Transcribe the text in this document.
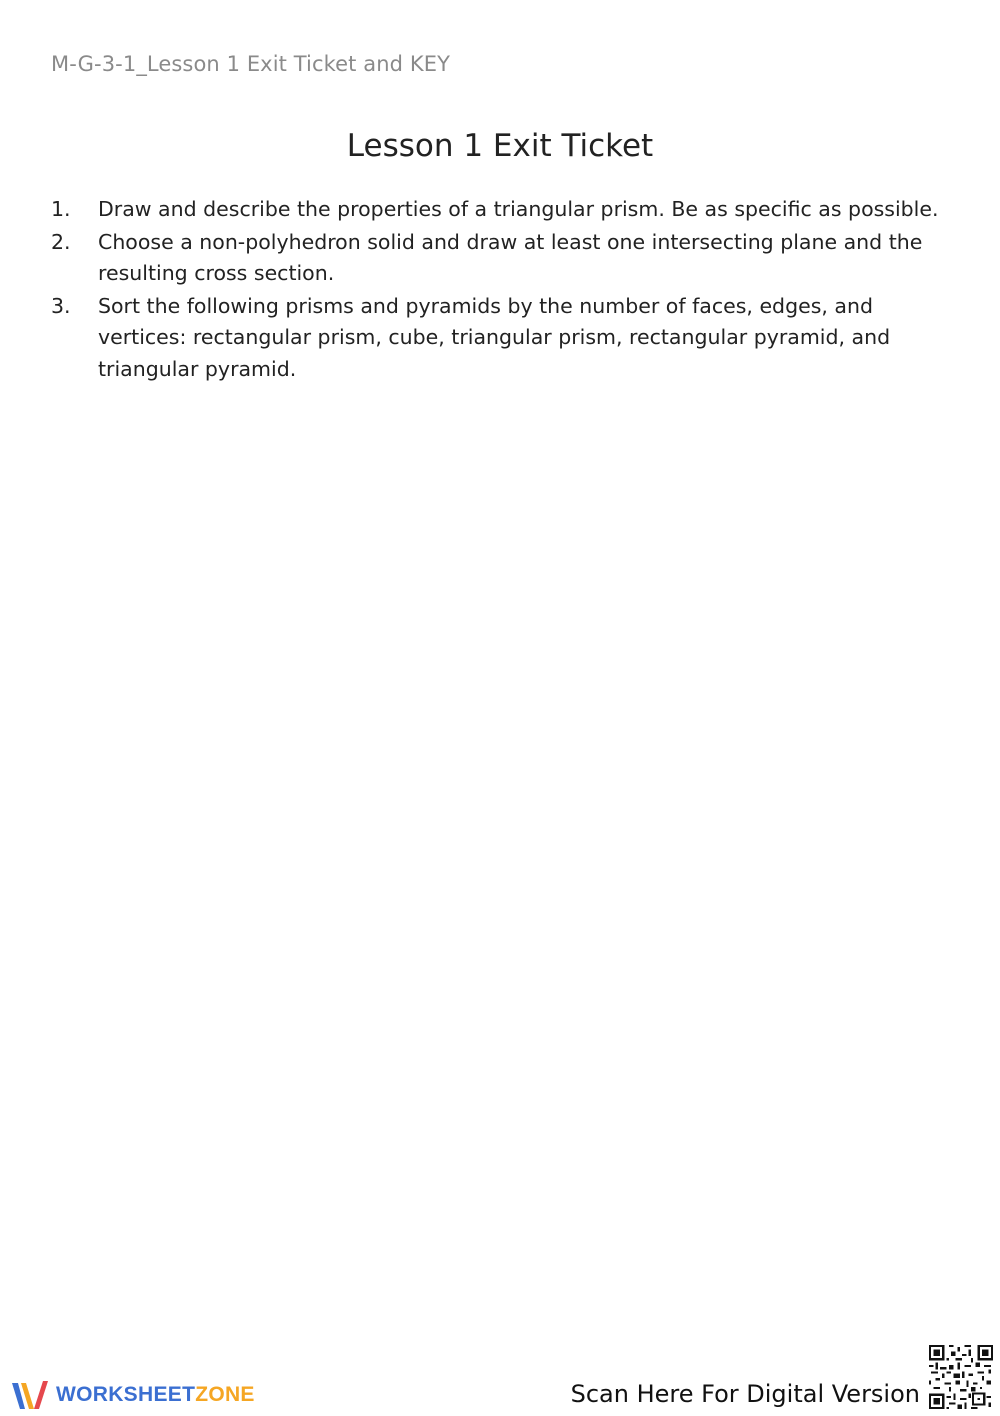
M-G-3-1_Lesson 1 Exit Ticket and KEY
Lesson 1 Exit Ticket
1.	Draw and describe the properties of a triangular prism. Be as specific as possible.
2.	Choose a non-polyhedron solid and draw at least one intersecting plane and the resulting cross section.
3.	Sort the following prisms and pyramids by the number of faces, edges, and vertices: rectangular prism, cube, triangular prism, rectangular pyramid, and triangular pyramid.
WORKSHEET ZONE	Scan Here For Digital Version
